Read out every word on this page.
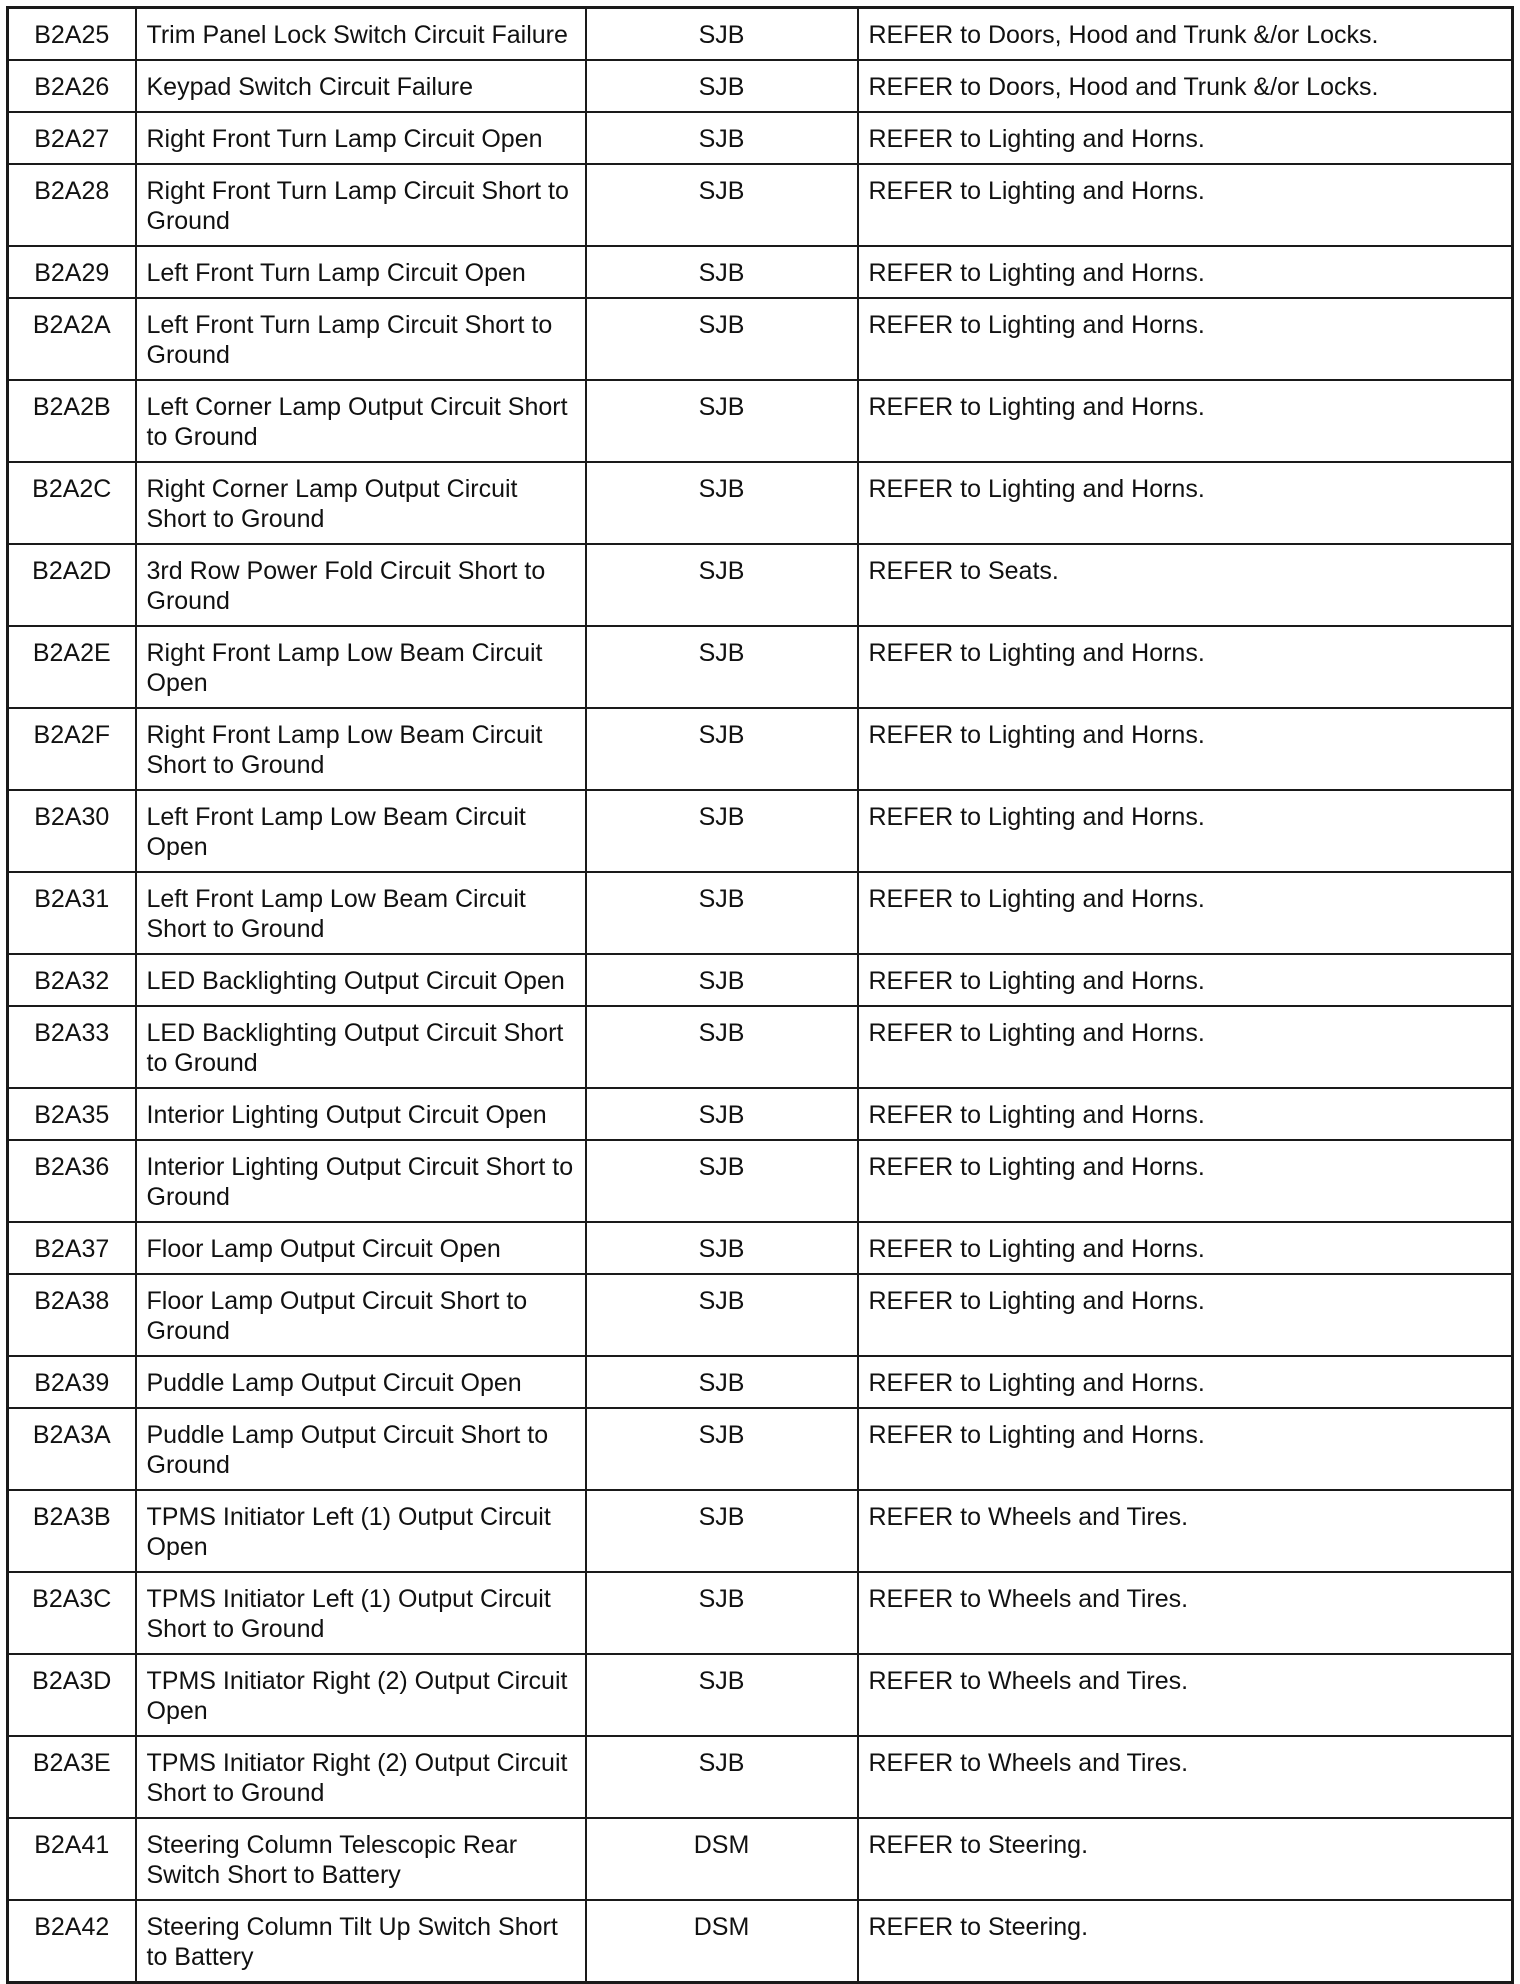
B2A25	Trim Panel Lock Switch Circuit Failure	SJB	REFER to Doors, Hood and Trunk &/or Locks.
B2A26	Keypad Switch Circuit Failure	SJB	REFER to Doors, Hood and Trunk &/or Locks.
B2A27	Right Front Turn Lamp Circuit Open	SJB	REFER to Lighting and Horns.
B2A28	Right Front Turn Lamp Circuit Short to Ground	SJB	REFER to Lighting and Horns.
B2A29	Left Front Turn Lamp Circuit Open	SJB	REFER to Lighting and Horns.
B2A2A	Left Front Turn Lamp Circuit Short to Ground	SJB	REFER to Lighting and Horns.
B2A2B	Left Corner Lamp Output Circuit Short to Ground	SJB	REFER to Lighting and Horns.
B2A2C	Right Corner Lamp Output Circuit Short to Ground	SJB	REFER to Lighting and Horns.
B2A2D	3rd Row Power Fold Circuit Short to Ground	SJB	REFER to Seats.
B2A2E	Right Front Lamp Low Beam Circuit Open	SJB	REFER to Lighting and Horns.
B2A2F	Right Front Lamp Low Beam Circuit Short to Ground	SJB	REFER to Lighting and Horns.
B2A30	Left Front Lamp Low Beam Circuit Open	SJB	REFER to Lighting and Horns.
B2A31	Left Front Lamp Low Beam Circuit Short to Ground	SJB	REFER to Lighting and Horns.
B2A32	LED Backlighting Output Circuit Open	SJB	REFER to Lighting and Horns.
B2A33	LED Backlighting Output Circuit Short to Ground	SJB	REFER to Lighting and Horns.
B2A35	Interior Lighting Output Circuit Open	SJB	REFER to Lighting and Horns.
B2A36	Interior Lighting Output Circuit Short to Ground	SJB	REFER to Lighting and Horns.
B2A37	Floor Lamp Output Circuit Open	SJB	REFER to Lighting and Horns.
B2A38	Floor Lamp Output Circuit Short to Ground	SJB	REFER to Lighting and Horns.
B2A39	Puddle Lamp Output Circuit Open	SJB	REFER to Lighting and Horns.
B2A3A	Puddle Lamp Output Circuit Short to Ground	SJB	REFER to Lighting and Horns.
B2A3B	TPMS Initiator Left (1) Output Circuit Open	SJB	REFER to Wheels and Tires.
B2A3C	TPMS Initiator Left (1) Output Circuit Short to Ground	SJB	REFER to Wheels and Tires.
B2A3D	TPMS Initiator Right (2) Output Circuit Open	SJB	REFER to Wheels and Tires.
B2A3E	TPMS Initiator Right (2) Output Circuit Short to Ground	SJB	REFER to Wheels and Tires.
B2A41	Steering Column Telescopic Rear Switch Short to Battery	DSM	REFER to Steering.
B2A42	Steering Column Tilt Up Switch Short to Battery	DSM	REFER to Steering.
